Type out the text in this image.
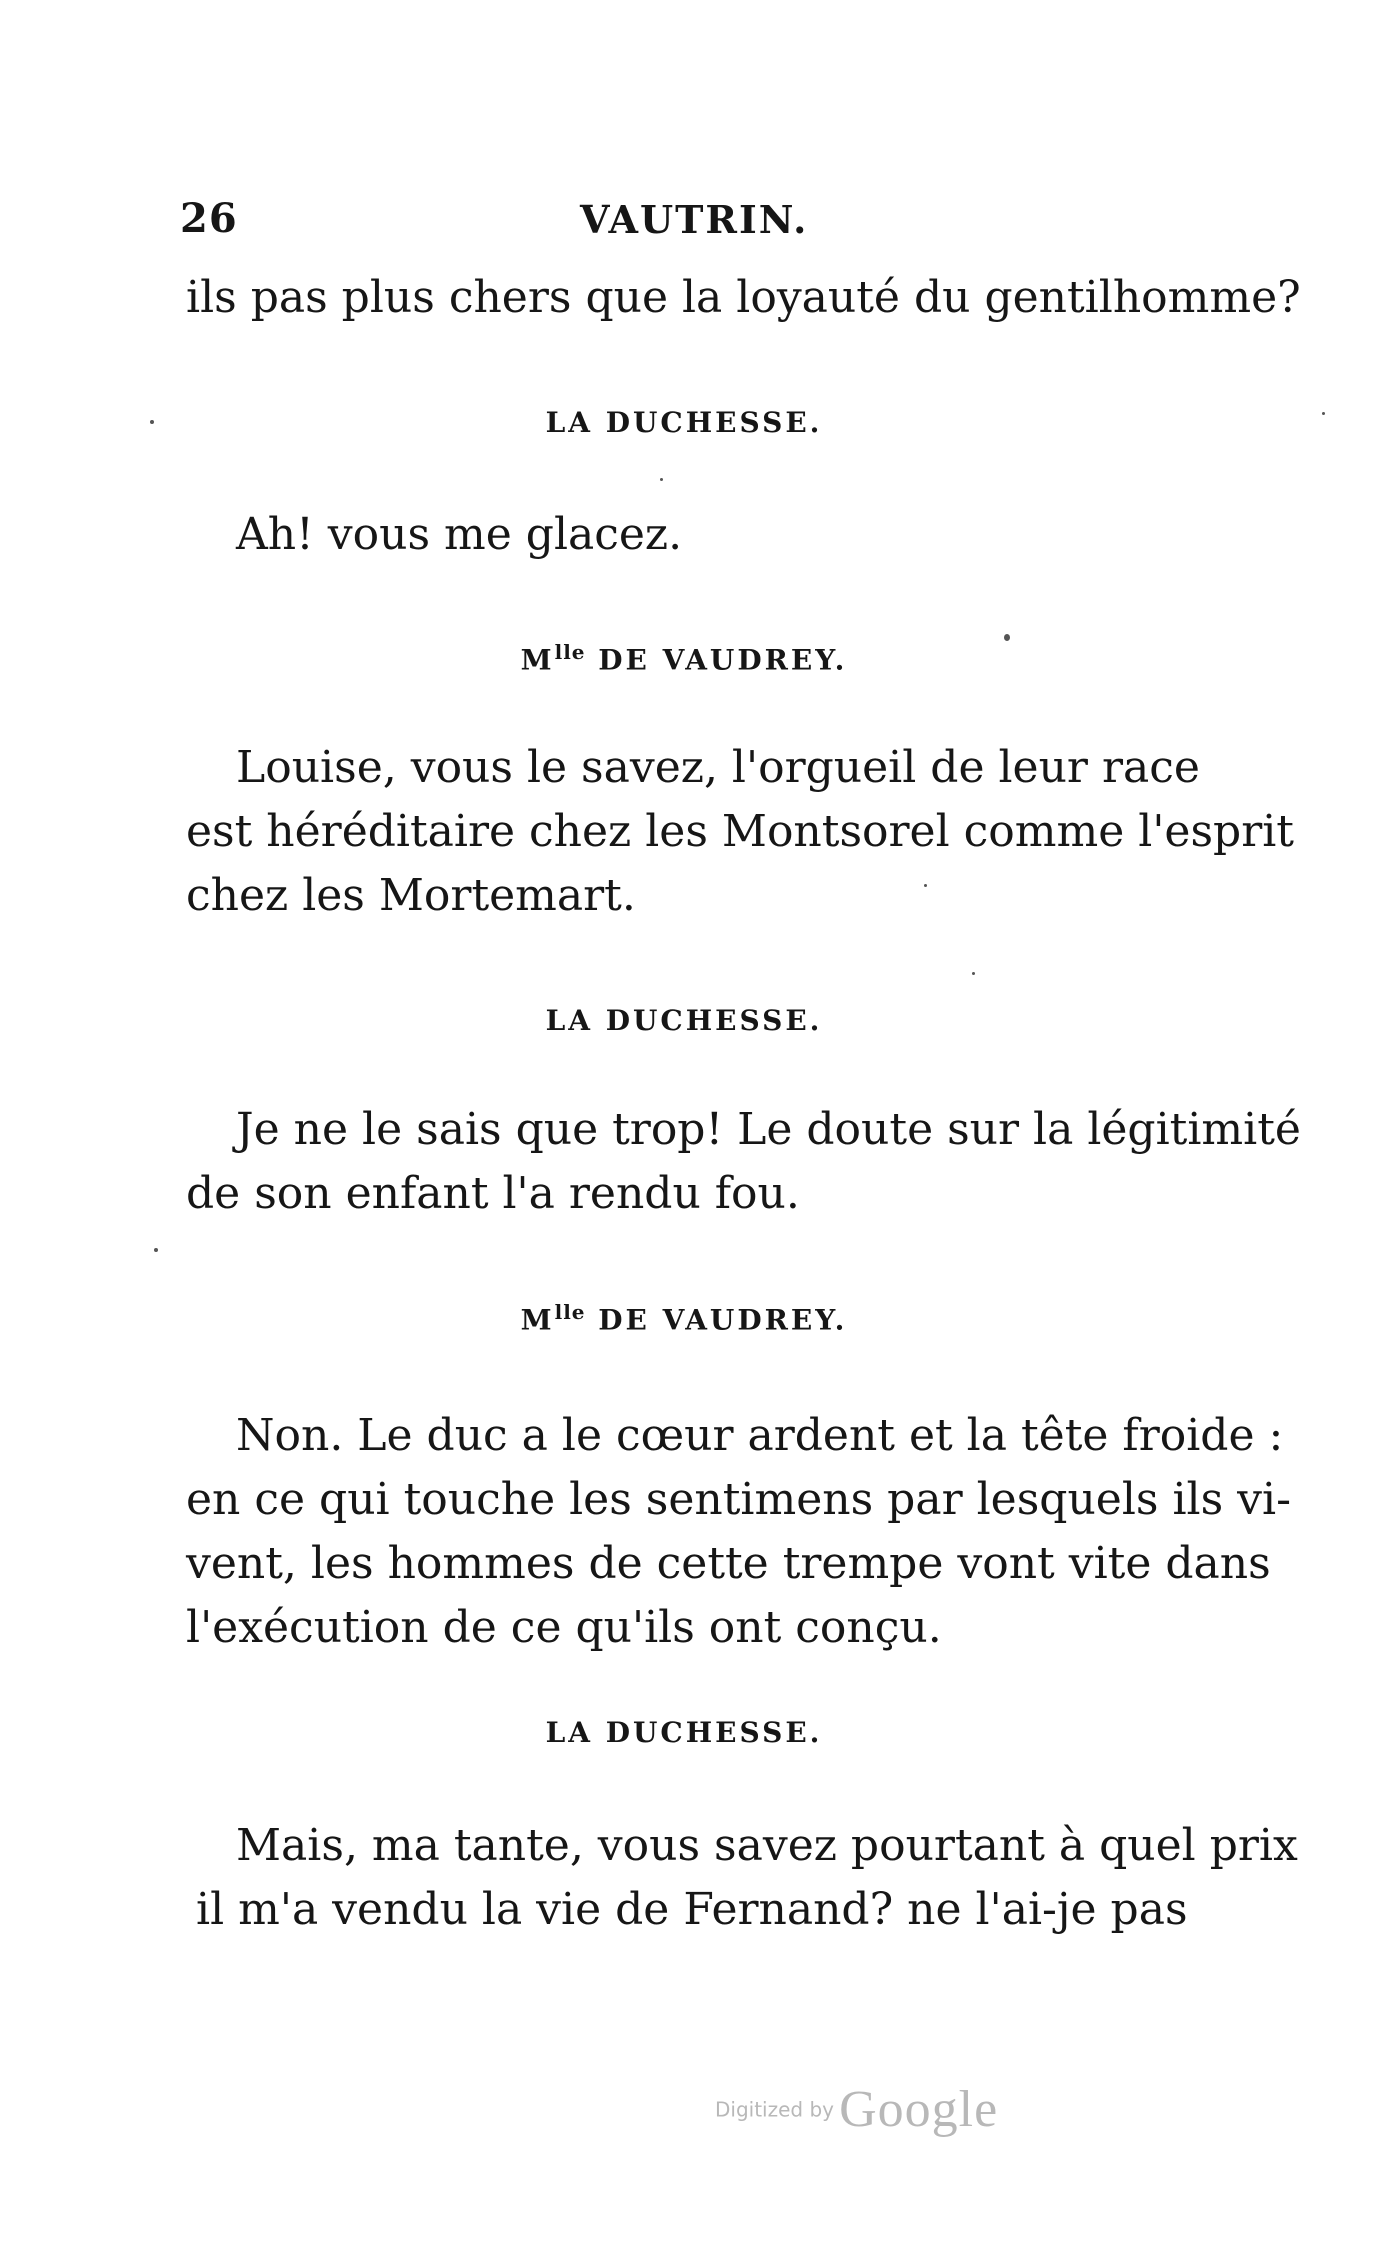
26	VAUTRIN.
ils pas plus chers que la loyauté du gentilhomme?
LA DUCHESSE.
Ah! vous me glacez.
$M^{lle}$ DE VAUDREY.
Louise, vous le savez, l'orgueil de leur race
est héréditaire chez les Montsorel comme l'esprit
chez les Mortemart.
LA DUCHESSE.
Je ne le sais que trop! Le doute sur la légitimité
de son enfant l'a rendu fou.
$M^{lle}$ DE VAUDREY.
Non. Le duc a le cœur ardent et la tête froide :
en ce qui touche les sentimens par lesquels ils vi-
vent, les hommes de cette trempe vont vite dans
l'exécution de ce qu'ils ont conçu.
LA DUCHESSE.
Mais, ma tante, vous savez pourtant à quel prix
il m'a vendu la vie de Fernand? ne l'ai-je pas
Digitized by Google
